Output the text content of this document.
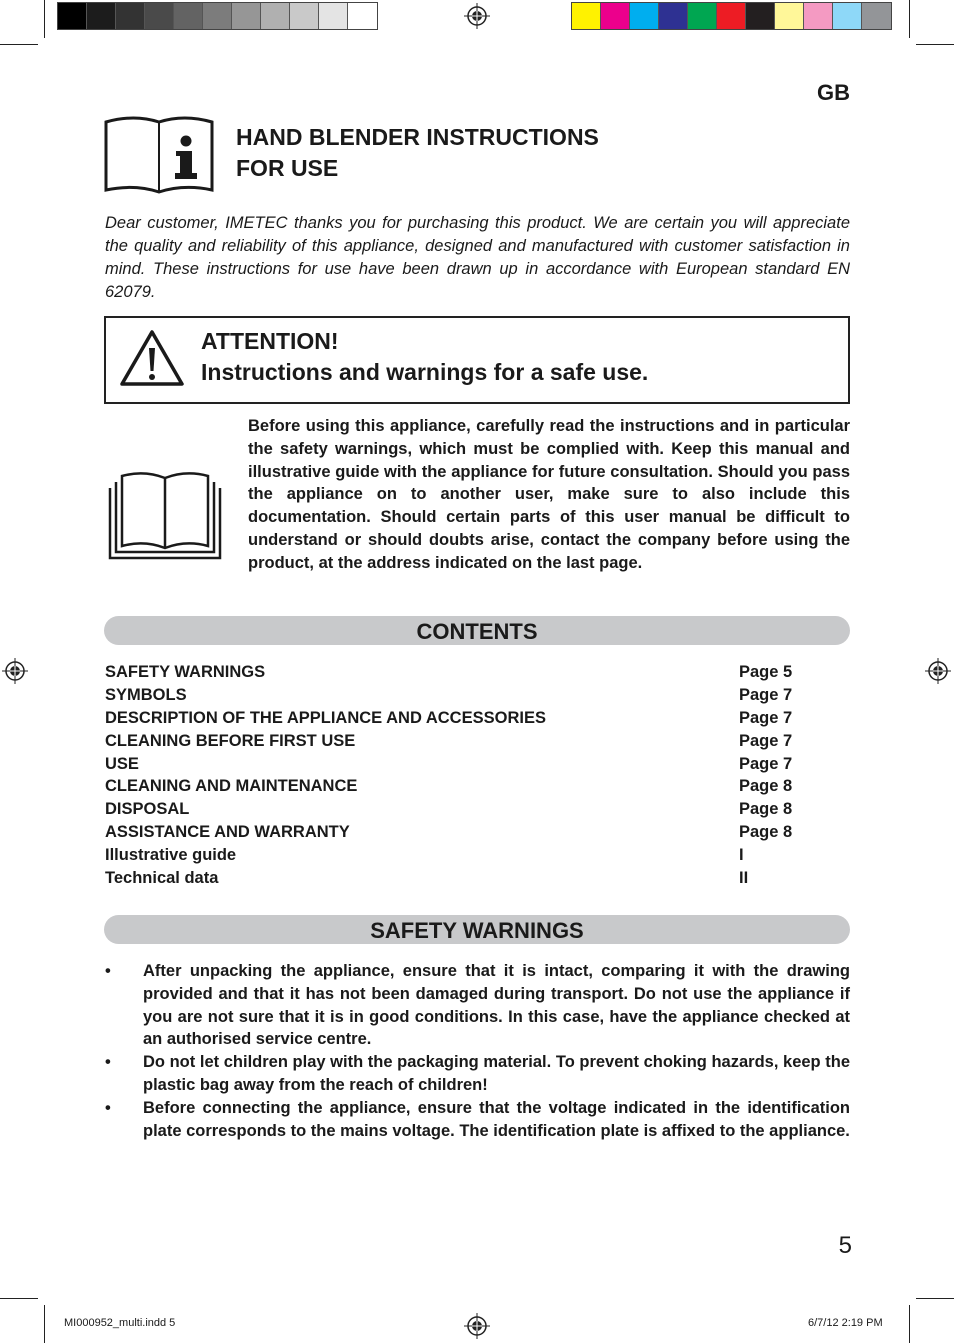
GB
HAND BLENDER INSTRUCTIONS
FOR USE
Dear customer, IMETEC thanks you for purchasing this product. We are certain you will appreciate the quality and reliability of this appliance, designed and manufactured with customer satisfaction in mind. These instructions for use have been drawn up in accordance with European standard EN 62079.
ATTENTION!
Instructions and warnings for a safe use.
Before using this appliance, carefully read the instructions and in particular the safety warnings, which must be complied with. Keep this manual and illustrative guide with the appliance for future consultation. Should you pass the appliance on to another user, make sure to also include this documentation. Should certain parts of this user manual be difficult to understand or should doubts arise, contact the company before using the product, at the address indicated on the last page.
CONTENTS
SAFETY WARNINGS	Page 5
SYMBOLS	Page 7
DESCRIPTION OF THE APPLIANCE AND ACCESSORIES	Page 7
CLEANING BEFORE FIRST USE	Page 7
USE	Page 7
CLEANING AND MAINTENANCE	Page 8
DISPOSAL	Page 8
ASSISTANCE AND WARRANTY	Page 8
Illustrative guide	I
Technical data	II
SAFETY WARNINGS
• After unpacking the appliance, ensure that it is intact, comparing it with the drawing provided and that it has not been damaged during transport. Do not use the appliance if you are not sure that it is in good conditions. In this case, have the appliance checked at an authorised service centre.
• Do not let children play with the packaging material. To prevent choking hazards, keep the plastic bag away from the reach of children!
• Before connecting the appliance, ensure that the voltage indicated in the identification plate corresponds to the mains voltage. The identification plate is affixed to the appliance.
5
MI000952_multi.indd 5	6/7/12 2:19 PM
